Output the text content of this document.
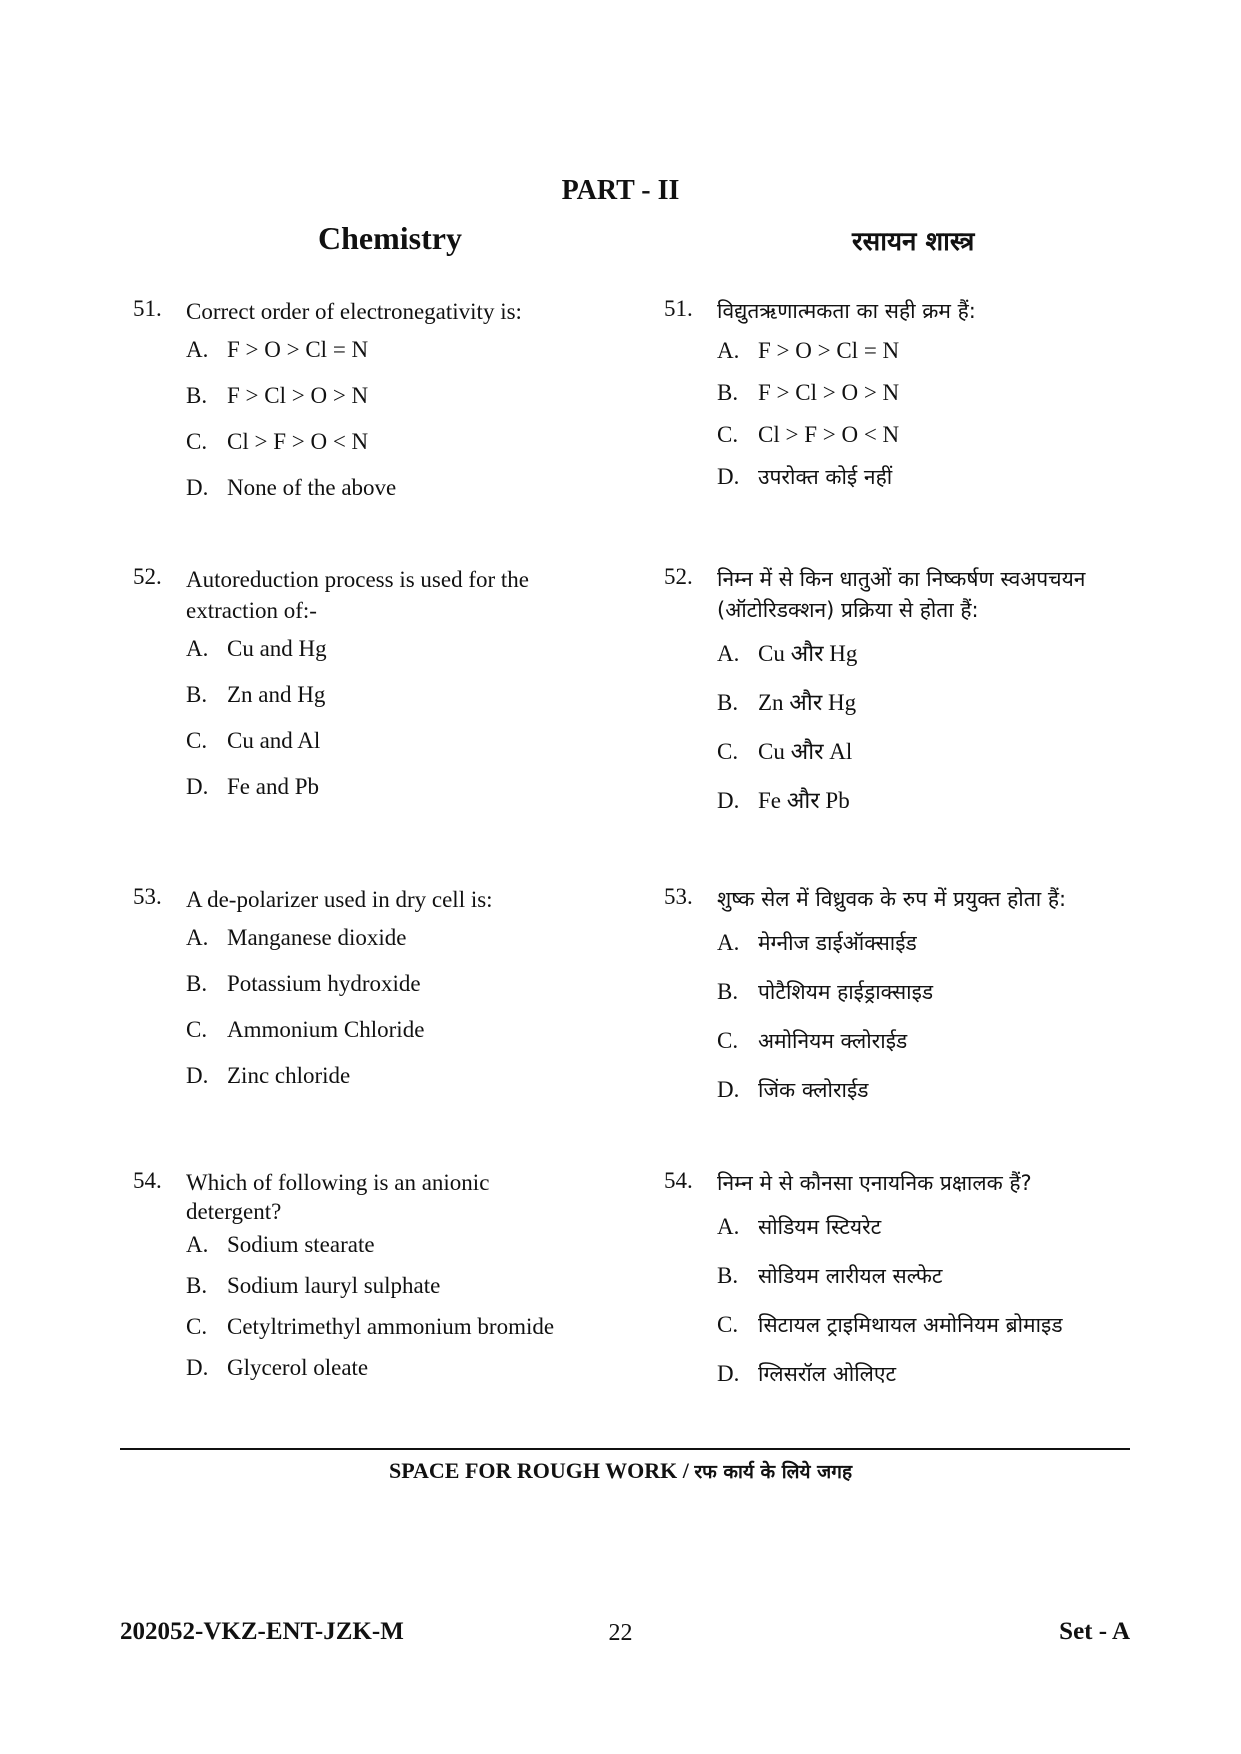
PART - II
Chemistry	रसायन शास्त्र
51. Correct order of electronegativity is:
A. F > O > Cl = N
B. F > Cl > O > N
C. Cl > F > O < N
D. None of the above
51. विद्युतऋणात्मकता का सही क्रम हैं:
A. F > O > Cl = N
B. F > Cl > O > N
C. Cl > F > O < N
D. उपरोक्त कोई नहीं
52. Autoreduction process is used for the extraction of:-
A. Cu and Hg
B. Zn and Hg
C. Cu and Al
D. Fe and Pb
52. निम्न में से किन धातुओं का निष्कर्षण स्वअपचयन (ऑटोरिडक्शन) प्रक्रिया से होता हैं:
A. Cu और Hg
B. Zn और Hg
C. Cu और Al
D. Fe और Pb
53. A de-polarizer used in dry cell is:
A. Manganese dioxide
B. Potassium hydroxide
C. Ammonium Chloride
D. Zinc chloride
53. शुष्क सेल में विध्रुवक के रुप में प्रयुक्त होता हैं:
A. मेग्नीज डाईऑक्साईड
B. पोटैशियम हाईड्राक्साइड
C. अमोनियम क्लोराईड
D. जिंक क्लोराईड
54. Which of following is an anionic detergent?
A. Sodium stearate
B. Sodium lauryl sulphate
C. Cetyltrimethyl ammonium bromide
D. Glycerol oleate
54. निम्न मे से कौनसा एनायनिक प्रक्षालक हैं?
A. सोडियम स्टियरेट
B. सोडियम लारीयल सल्फेट
C. सिटायल ट्राइमिथायल अमोनियम ब्रोमाइड
D. ग्लिसरॉल ओलिएट
SPACE FOR ROUGH WORK / रफ कार्य के लिये जगह
202052-VKZ-ENT-JZK-M	22	Set - A
